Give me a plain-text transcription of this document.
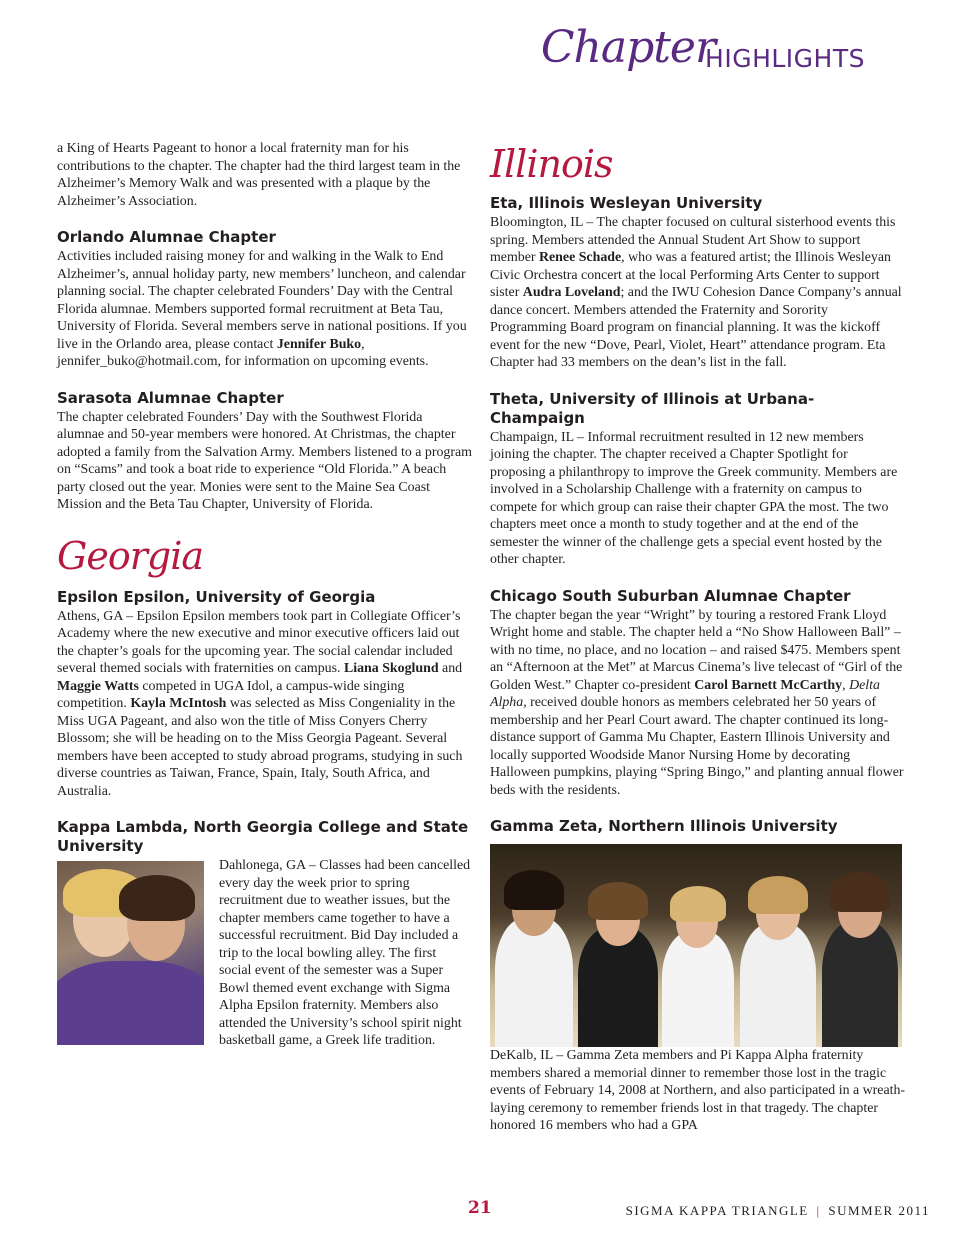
Chapter
HIGHLIGHTS

a King of Hearts Pageant to honor a local fraternity man for his contributions to the chapter. The chapter had the third largest team in the Alzheimer’s Memory Walk and was presented with a plaque by the Alzheimer’s Association.

Orlando Alumnae Chapter

Activities included raising money for and walking in the Walk to End Alzheimer’s, annual holiday party, new members’ luncheon, and calendar planning social. The chapter celebrated Founders’ Day with the Central Florida alumnae. Members supported formal recruitment at Beta Tau, University of Florida. Several members serve in national positions. If you live in the Orlando area, please contact Jennifer Buko, jennifer_buko@hotmail.com, for information on upcoming events.

Sarasota Alumnae Chapter

The chapter celebrated Founders’ Day with the Southwest Florida alumnae and 50-year members were honored. At Christmas, the chapter adopted a family from the Salvation Army. Members listened to a program on “Scams” and took a boat ride to experience “Old Florida.” A beach party closed out the year. Monies were sent to the Maine Sea Coast Mission and the Beta Tau Chapter, University of Florida.

Georgia
Epsilon Epsilon, University of Georgia

Athens, GA – Epsilon Epsilon members took part in Collegiate Officer’s Academy where the new executive and minor executive officers laid out the chapter’s goals for the upcoming year. The social calendar included several themed socials with fraternities on campus. Liana Skoglund and Maggie Watts competed in UGA Idol, a campus-wide singing competition. Kayla McIntosh was selected as Miss Congeniality in the Miss UGA Pageant, and also won the title of Miss Conyers Cherry Blossom; she will be heading on to the Miss Georgia Pageant. Several members have been accepted to study abroad programs, studying in such diverse countries as Taiwan, France, Spain, Italy, South Africa, and Australia.

Kappa Lambda, North Georgia College and State University

Dahlonega, GA – Classes had been cancelled every day the week prior to spring recruitment due to weather issues, but the chapter members came together to have a successful recruitment. Bid Day included a trip to the local bowling alley. The first social event of the semester was a Super Bowl themed event exchange with Sigma Alpha Epsilon fraternity. Members also attended the University’s school spirit night basketball game, a Greek life tradition.

Illinois
Eta, Illinois Wesleyan University

Bloomington, IL – The chapter focused on cultural sisterhood events this spring. Members attended the Annual Student Art Show to support member Renee Schade, who was a featured artist; the Illinois Wesleyan Civic Orchestra concert at the local Performing Arts Center to support sister Audra Loveland; and the IWU Cohesion Dance Company’s annual dance concert. Members attended the Fraternity and Sorority Programming Board program on financial planning. It was the kickoff event for the new “Dove, Pearl, Violet, Heart” attendance program. Eta Chapter had 33 members on the dean’s list in the fall.

Theta, University of Illinois at Urbana-Champaign

Champaign, IL – Informal recruitment resulted in 12 new members joining the chapter. The chapter received a Chapter Spotlight for proposing a philanthropy to improve the Greek community. Members are involved in a Scholarship Challenge with a fraternity on campus to compete for which group can raise their chapter GPA the most. The two chapters meet once a month to study together and at the end of the semester the winner of the challenge gets a special event hosted by the other chapter.

Chicago South Suburban Alumnae Chapter

The chapter began the year “Wright” by touring a restored Frank Lloyd Wright home and stable. The chapter held a “No Show Halloween Ball” – with no time, no place, and no location – and raised $475. Members spent an “Afternoon at the Met” at Marcus Cinema’s live telecast of “Girl of the Golden West.” Chapter co-president Carol Barnett McCarthy, Delta Alpha, received double honors as members celebrated her 50 years of membership and her Pearl Court award. The chapter continued its long-distance support of Gamma Mu Chapter, Eastern Illinois University and locally supported Woodside Manor Nursing Home by decorating Halloween pumpkins, playing “Spring Bingo,” and planting annual flower beds with the residents.

Gamma Zeta, Northern Illinois University

DeKalb, IL – Gamma Zeta members and Pi Kappa Alpha fraternity members shared a memorial dinner to remember those lost in the tragic events of February 14, 2008 at Northern, and also participated in a wreath-laying ceremony to remember friends lost in that tragedy. The chapter honored 16 members who had a GPA

21	SIGMA KAPPA TRIANGLE | SUMMER 2011
